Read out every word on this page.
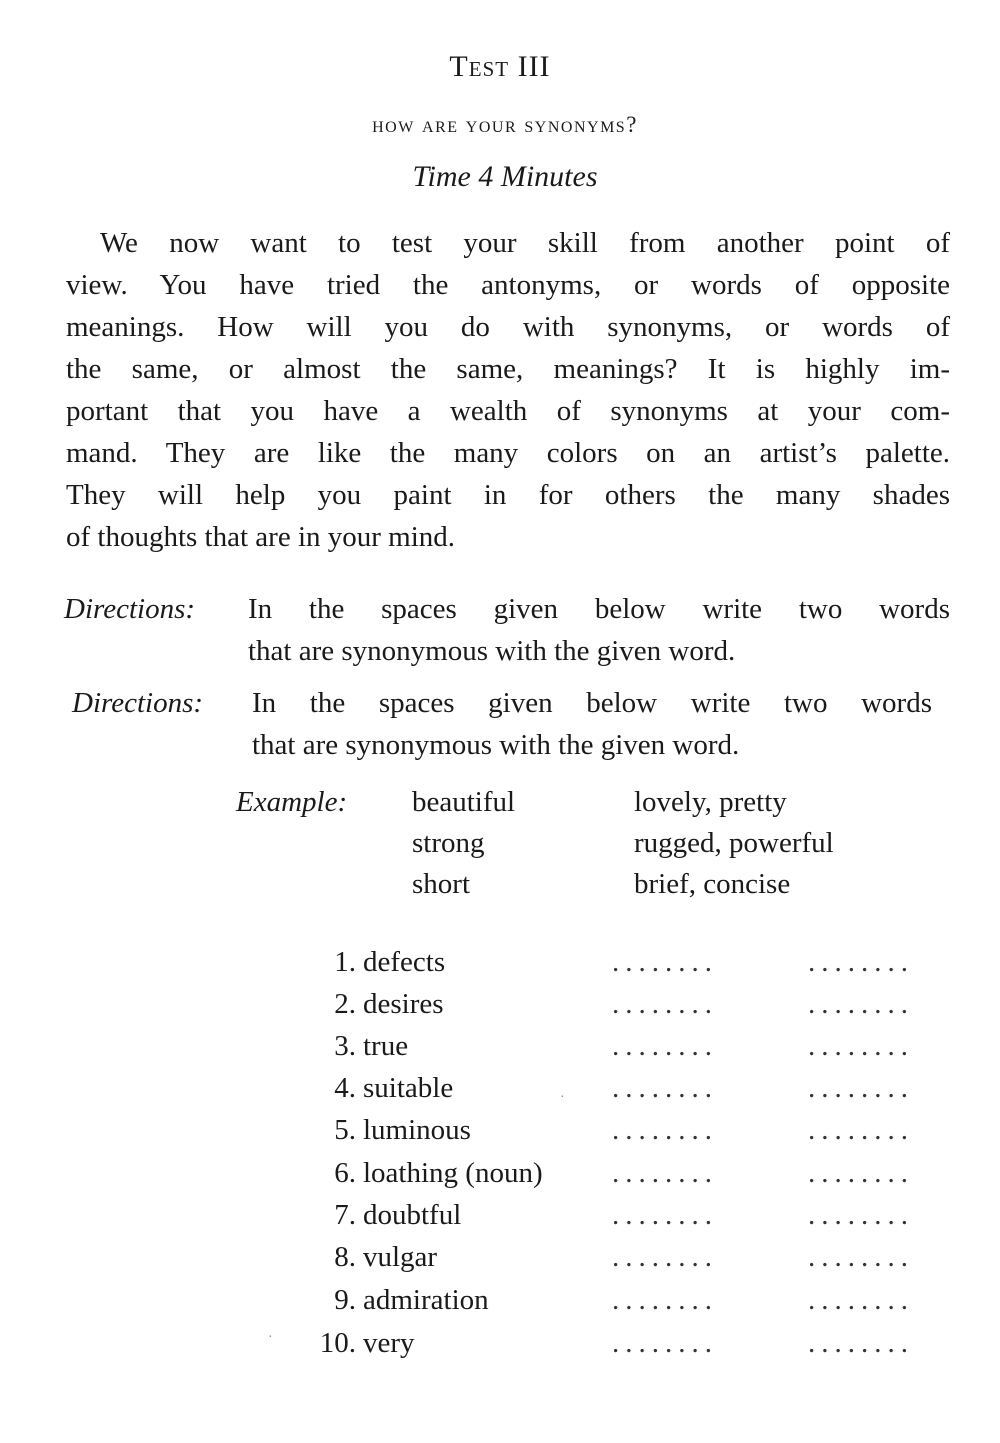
Test III
how are your synonyms?
Time 4 Minutes
We now want to test your skill from another point of
view. You have tried the antonyms, or words of opposite
meanings. How will you do with synonyms, or words of
the same, or almost the same, meanings? It is highly im-
portant that you have a wealth of synonyms at your com-
mand. They are like the many colors on an artist’s palette.
They will help you paint in for others the many shades
of thoughts that are in your mind.
Directions: In the spaces given below write two words
that are synonymous with the given word.
Directions: In the spaces given below write two words
that are synonymous with the given word.
Example: beautiful	lovely, pretty
strong	rugged, powerful
short	brief, concise
1. defects	........	........
2. desires	........	........
3. true	........	........
4. suitable	........	........
5. luminous	........	........
6. loathing (noun) ........	........
7. doubtful	........	........
8. vulgar	........	........
9. admiration	........	........
10. very	........	........
·
·
